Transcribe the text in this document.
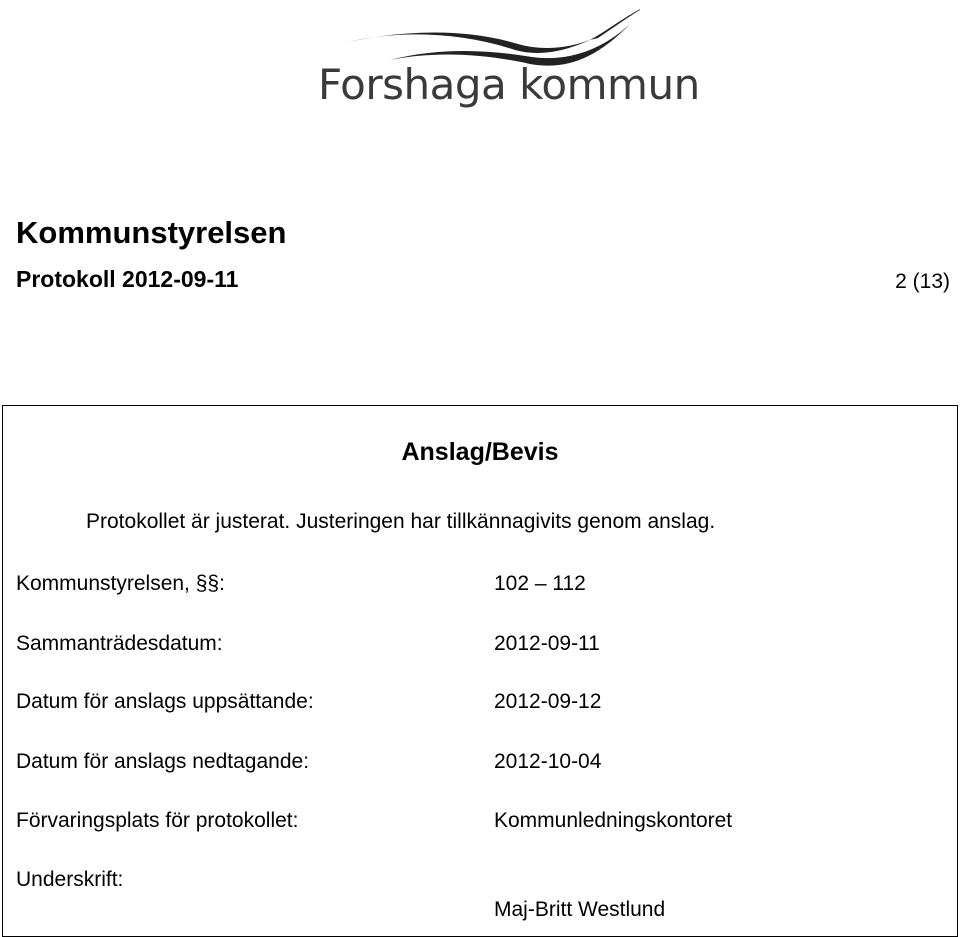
Forshaga kommun
Kommunstyrelsen
Protokoll 2012-09-11	2 (13)
Anslag/Bevis
Protokollet är justerat. Justeringen har tillkännagivits genom anslag.
Kommunstyrelsen, §§:	102 – 112
Sammanträdesdatum:	2012-09-11
Datum för anslags uppsättande:	2012-09-12
Datum för anslags nedtagande:	2012-10-04
Förvaringsplats för protokollet:	Kommunledningskontoret
Underskrift:
Maj-Britt Westlund
